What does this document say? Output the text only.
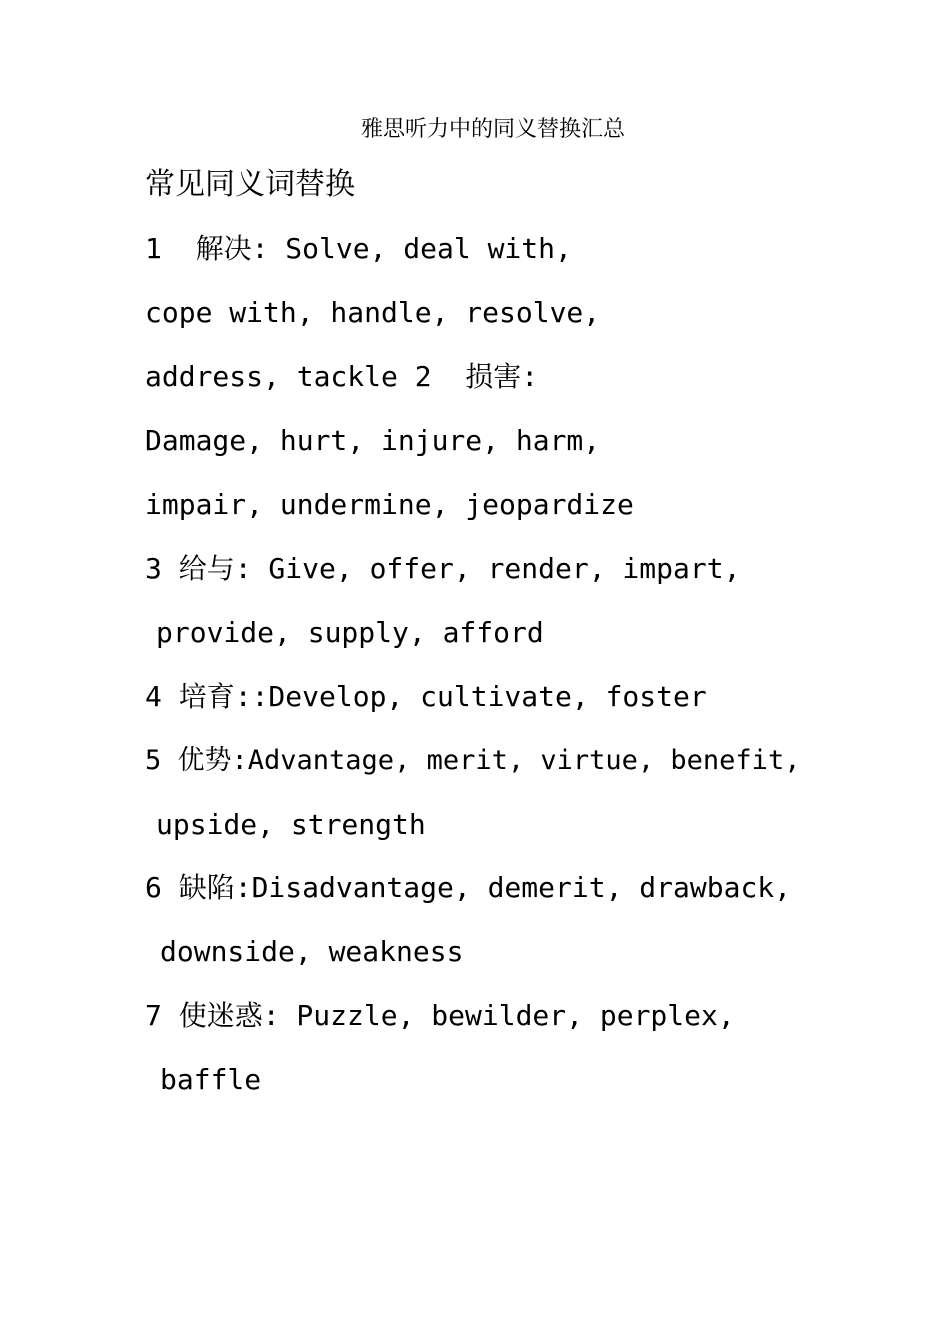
雅思听力中的同义替换汇总
常见同义词替换
1  解决: Solve, deal with,
cope with, handle, resolve,
address, tackle 2  损害:
Damage, hurt, injure, harm,
impair, undermine, jeopardize
3 给与: Give, offer, render, impart,
provide, supply, afford
4 培育::Develop, cultivate, foster
5 优势:Advantage, merit, virtue, benefit,
upside, strength
6 缺陷:Disadvantage, demerit, drawback,
downside, weakness
7 使迷惑: Puzzle, bewilder, perplex,
baffle
